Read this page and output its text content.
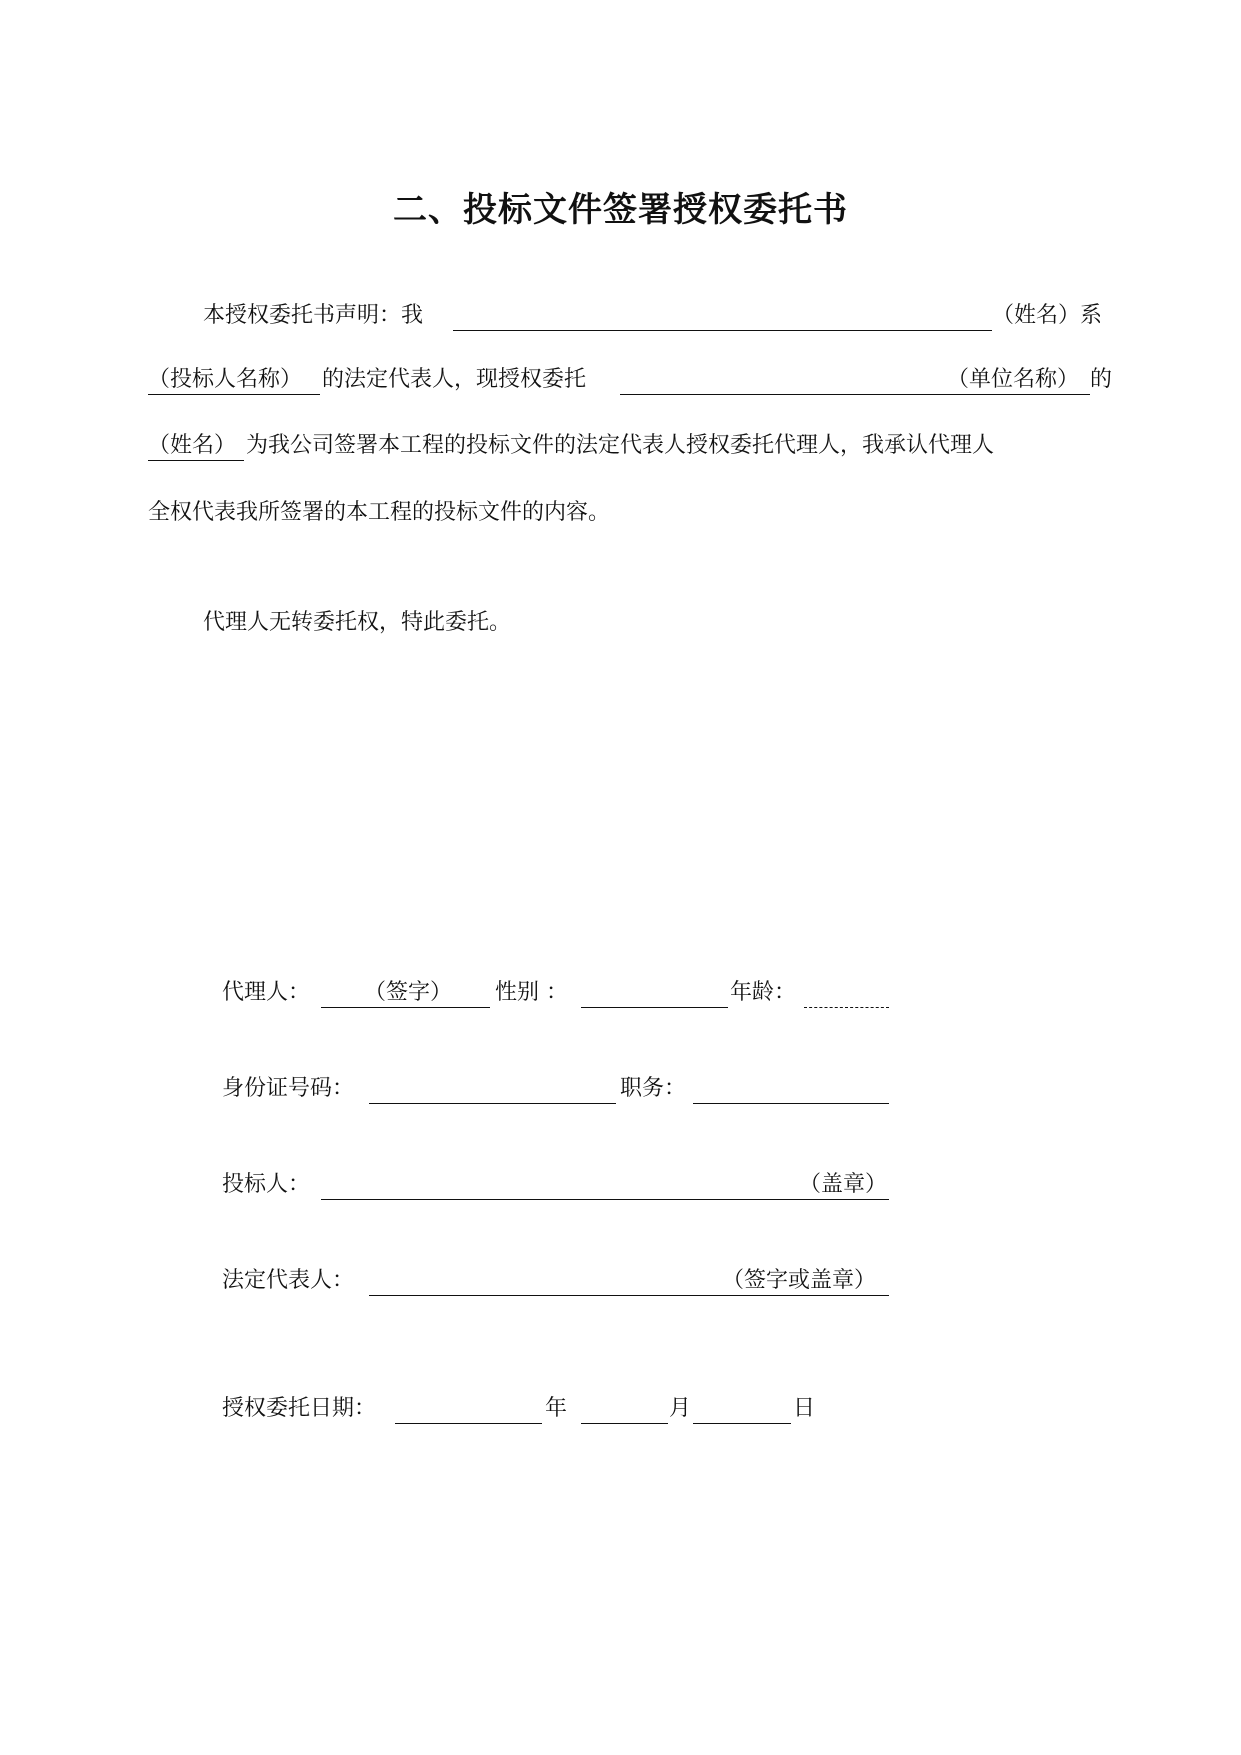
二、投标文件签署授权委托书
本授权委托书声明：我	（姓名）系
（投标人名称） 的法定代表人，现授权委托	（单位名称） 的
（姓名） 为我公司签署本工程的投标文件的法定代表人授权委托代理人，我承认代理人
全权代表我所签署的本工程的投标文件的内容。
代理人无转委托权，特此委托。
代理人： （签字） 性别 ：	年龄：
身份证号码：	职务：
投标人：	（盖章）
法定代表人：	（签字或盖章）
授权委托日期：	年	月	日
